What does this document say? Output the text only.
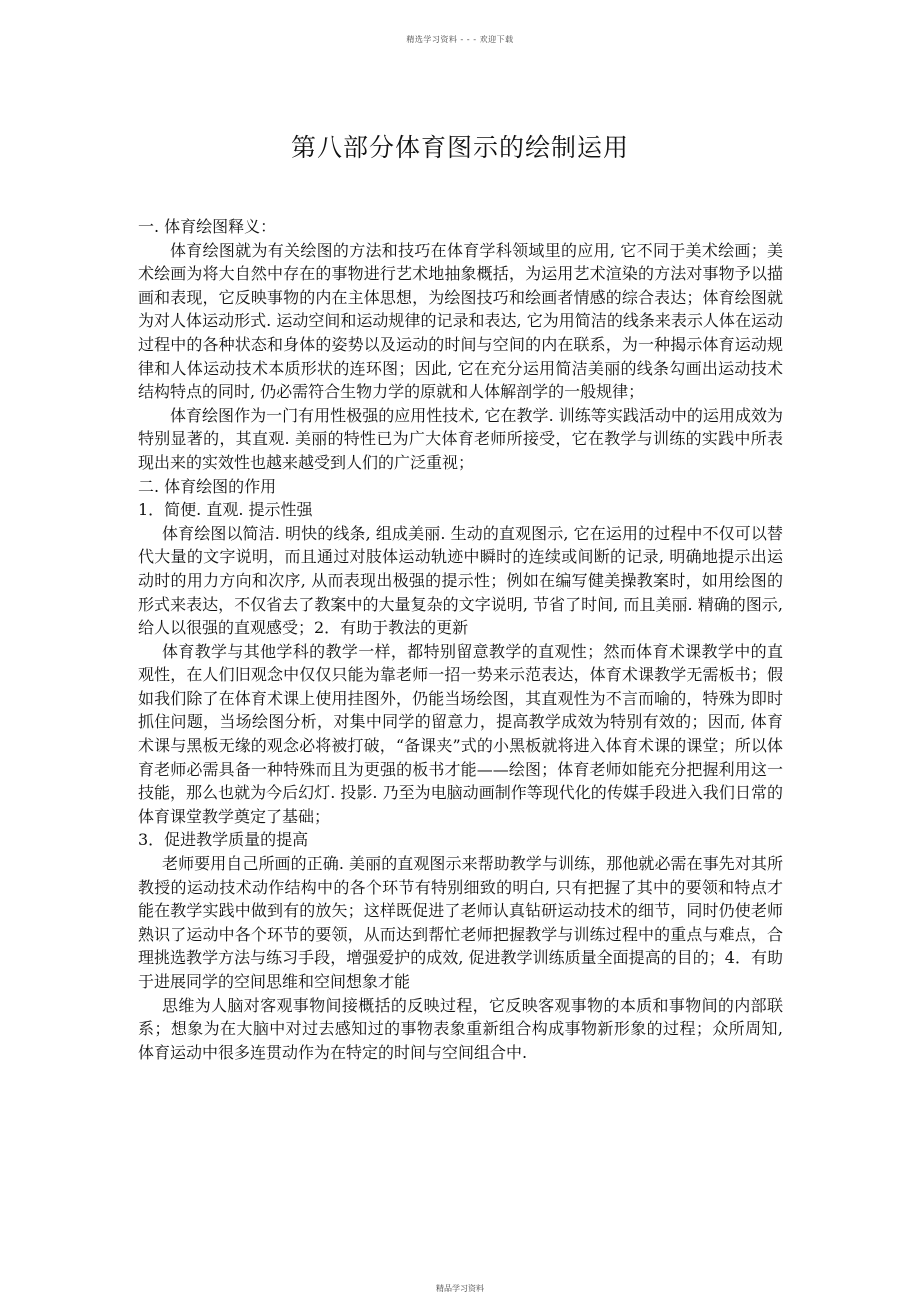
精选学习资料 - - - 欢迎下载
第八部分体育图示的绘制运用

一. 体育绘图释义：

体育绘图就为有关绘图的方法和技巧在体育学科领域里的应用, 它不同于美术绘画；美术绘画为将大自然中存在的事物进行艺术地抽象概括，为运用艺术渲染的方法对事物予以描画和表现，它反映事物的内在主体思想，为绘图技巧和绘画者情感的综合表达；体育绘图就为对人体运动形式. 运动空间和运动规律的记录和表达, 它为用简洁的线条来表示人体在运动过程中的各种状态和身体的姿势以及运动的时间与空间的内在联系，为一种揭示体育运动规律和人体运动技术本质形状的连环图；因此, 它在充分运用简洁美丽的线条勾画出运动技术结构特点的同时, 仍必需符合生物力学的原就和人体解剖学的一般规律；

体育绘图作为一门有用性极强的应用性技术, 它在教学. 训练等实践活动中的运用成效为特别显著的，其直观. 美丽的特性已为广大体育老师所接受，它在教学与训练的实践中所表现出来的实效性也越来越受到人们的广泛重视；

二. 体育绘图的作用

1．简便. 直观. 提示性强

体育绘图以简洁. 明快的线条, 组成美丽. 生动的直观图示, 它在运用的过程中不仅可以替代大量的文字说明，而且通过对肢体运动轨迹中瞬时的连续或间断的记录, 明确地提示出运动时的用力方向和次序, 从而表现出极强的提示性；例如在编写健美操教案时，如用绘图的形式来表达，不仅省去了教案中的大量复杂的文字说明, 节省了时间, 而且美丽. 精确的图示, 给人以很强的直观感受；2．有助于教法的更新

体育教学与其他学科的教学一样，都特别留意教学的直观性；然而体育术课教学中的直观性，在人们旧观念中仅仅只能为靠老师一招一势来示范表达，体育术课教学无需板书；假如我们除了在体育术课上使用挂图外，仍能当场绘图，其直观性为不言而喻的，特殊为即时抓住问题，当场绘图分析，对集中同学的留意力，提高教学成效为特别有效的；因而, 体育术课与黑板无缘的观念必将被打破，“备课夹”式的小黑板就将进入体育术课的课堂；所以体育老师必需具备一种特殊而且为更强的板书才能——绘图；体育老师如能充分把握利用这一技能，那么也就为今后幻灯. 投影. 乃至为电脑动画制作等现代化的传媒手段进入我们日常的体育课堂教学奠定了基础；

3．促进教学质量的提高

老师要用自己所画的正确. 美丽的直观图示来帮助教学与训练，那他就必需在事先对其所教授的运动技术动作结构中的各个环节有特别细致的明白, 只有把握了其中的要领和特点才能在教学实践中做到有的放矢；这样既促进了老师认真钻研运动技术的细节，同时仍使老师熟识了运动中各个环节的要领，从而达到帮忙老师把握教学与训练过程中的重点与难点，合理挑选教学方法与练习手段，增强爱护的成效, 促进教学训练质量全面提高的目的；4．有助于进展同学的空间思维和空间想象才能

思维为人脑对客观事物间接概括的反映过程，它反映客观事物的本质和事物间的内部联系；想象为在大脑中对过去感知过的事物表象重新组合构成事物新形象的过程；众所周知, 体育运动中很多连贯动作为在特定的时间与空间组合中.

精品学习资料
